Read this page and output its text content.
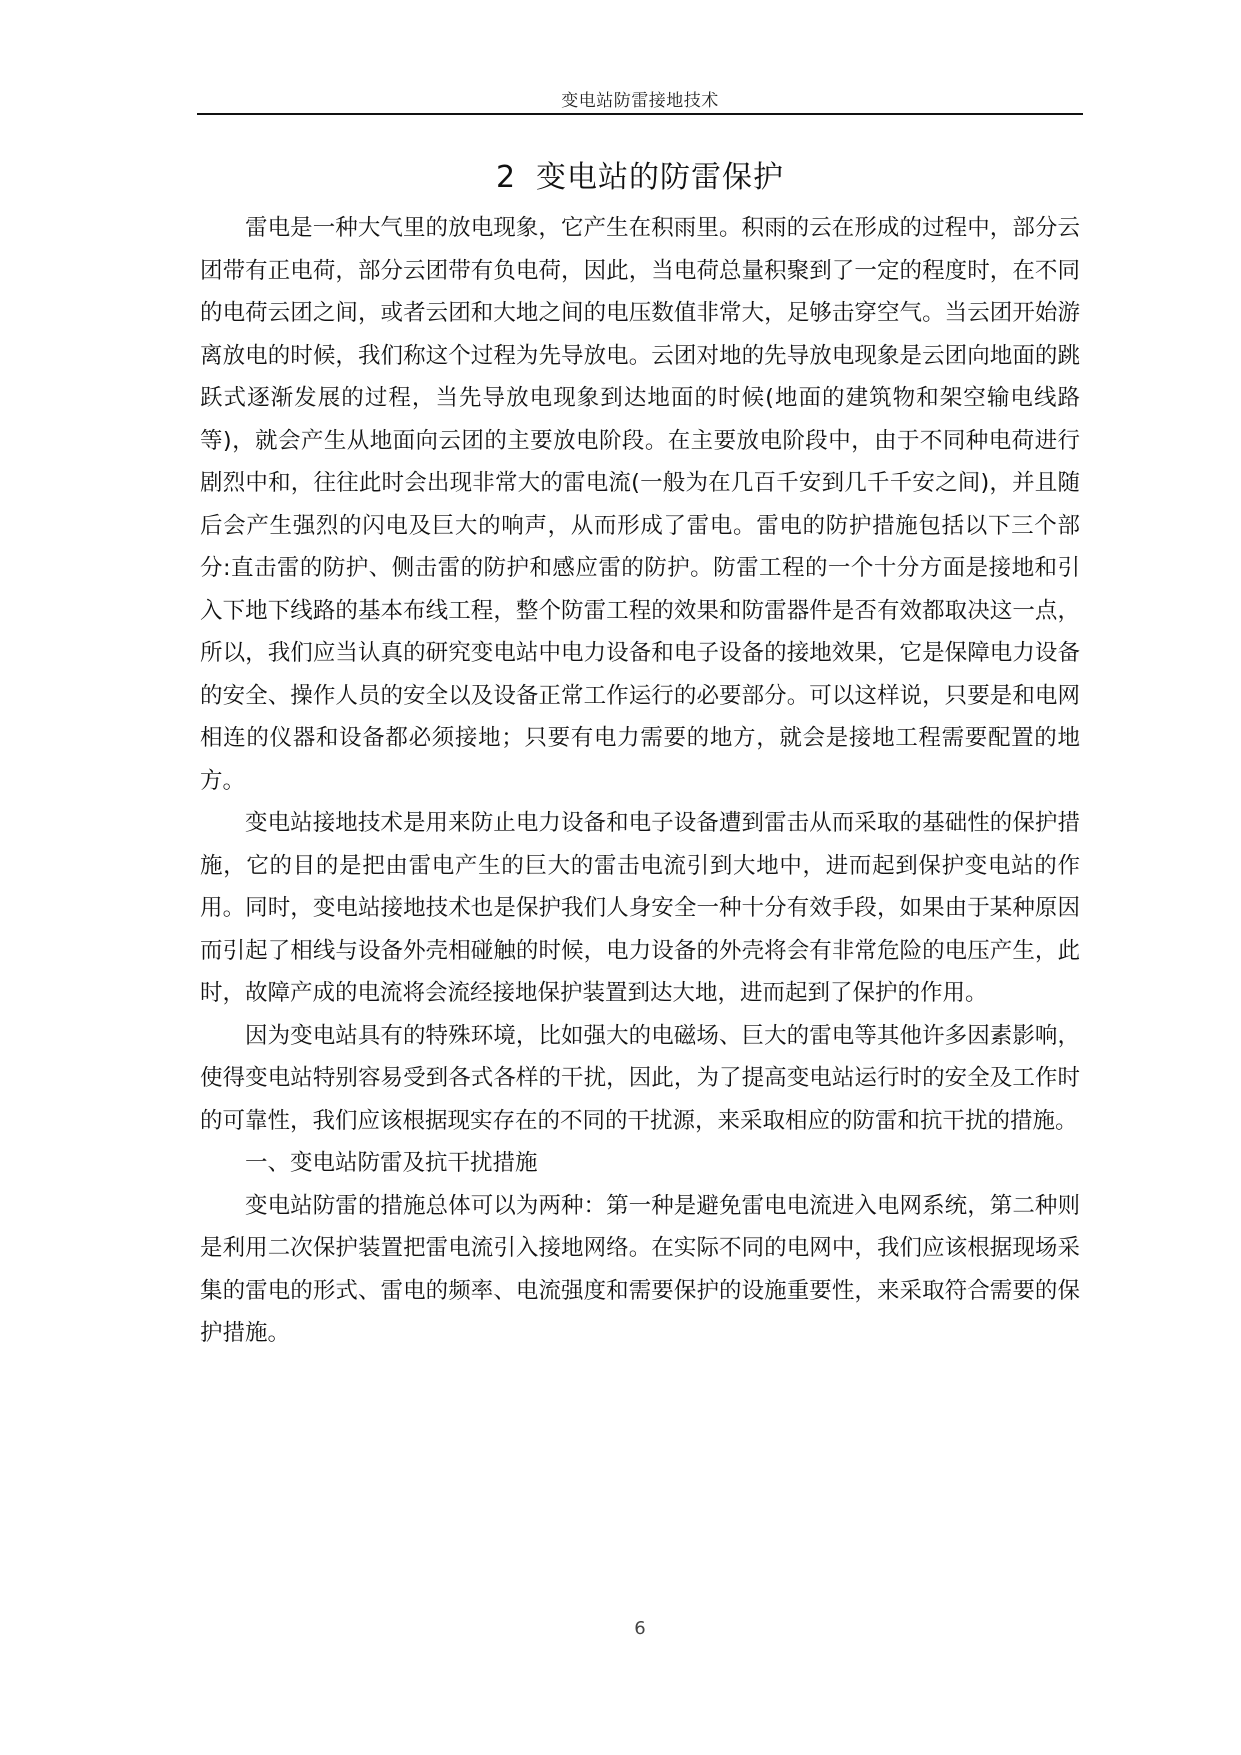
变电站防雷接地技术
2 变电站的防雷保护

雷电是一种大气里的放电现象，它产生在积雨里。积雨的云在形成的过程中，部分云团带有正电荷，部分云团带有负电荷，因此，当电荷总量积聚到了一定的程度时，在不同的电荷云团之间，或者云团和大地之间的电压数值非常大，足够击穿空气。当云团开始游离放电的时候，我们称这个过程为先导放电。云团对地的先导放电现象是云团向地面的跳跃式逐渐发展的过程，当先导放电现象到达地面的时候(地面的建筑物和架空输电线路等)，就会产生从地面向云团的主要放电阶段。在主要放电阶段中，由于不同种电荷进行剧烈中和，往往此时会出现非常大的雷电流(一般为在几百千安到几千千安之间)，并且随后会产生强烈的闪电及巨大的响声，从而形成了雷电。雷电的防护措施包括以下三个部分:直击雷的防护、侧击雷的防护和感应雷的防护。防雷工程的一个十分方面是接地和引入下地下线路的基本布线工程，整个防雷工程的效果和防雷器件是否有效都取决这一点， 所以，我们应当认真的研究变电站中电力设备和电子设备的接地效果，它是保障电力设备的安全、操作人员的安全以及设备正常工作运行的必要部分。可以这样说，只要是和电网相连的仪器和设备都必须接地；只要有电力需要的地方，就会是接地工程需要配置的地方。

变电站接地技术是用来防止电力设备和电子设备遭到雷击从而采取的基础性的保护措施，它的目的是把由雷电产生的巨大的雷击电流引到大地中，进而起到保护变电站的作用。同时，变电站接地技术也是保护我们人身安全一种十分有效手段，如果由于某种原因而引起了相线与设备外壳相碰触的时候，电力设备的外壳将会有非常危险的电压产生，此时，故障产成的电流将会流经接地保护装置到达大地，进而起到了保护的作用。

因为变电站具有的特殊环境，比如强大的电磁场、巨大的雷电等其他许多因素影响，使得变电站特别容易受到各式各样的干扰，因此，为了提高变电站运行时的安全及工作时的可靠性，我们应该根据现实存在的不同的干扰源，来采取相应的防雷和抗干扰的措施。

一、变电站防雷及抗干扰措施

变电站防雷的措施总体可以为两种：第一种是避免雷电电流进入电网系统，第二种则是利用二次保护装置把雷电流引入接地网络。在实际不同的电网中，我们应该根据现场采集的雷电的形式、雷电的频率、电流强度和需要保护的设施重要性，来采取符合需要的保护措施。

6
